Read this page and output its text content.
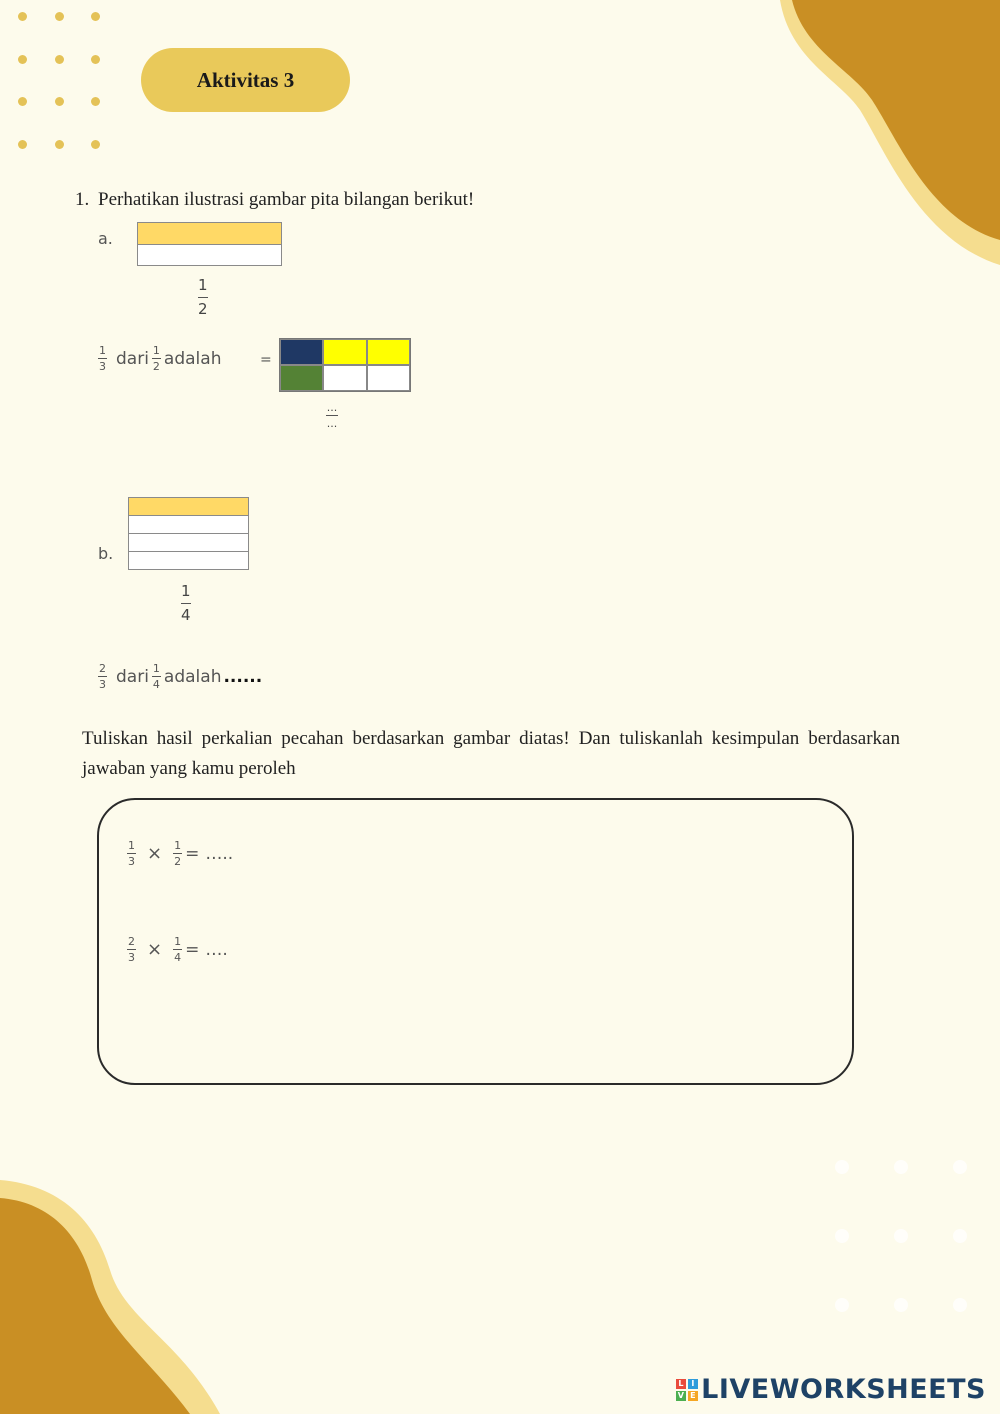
Aktivitas 3
1. Perhatikan ilustrasi gambar pita bilangan berikut!
a.
1
2
1
3 dari 1
2 adalah	=
...
...
b.
1
4
2
3 dari 1
4 adalah ......
Tuliskan hasil perkalian pecahan berdasarkan gambar diatas! Dan tuliskanlah kesimpulan berdasarkan jawaban yang kamu peroleh
1
3 × 1
2 = …..
2
3 × 1
4 = ….
L I
V E LIVEWORKSHEETS
